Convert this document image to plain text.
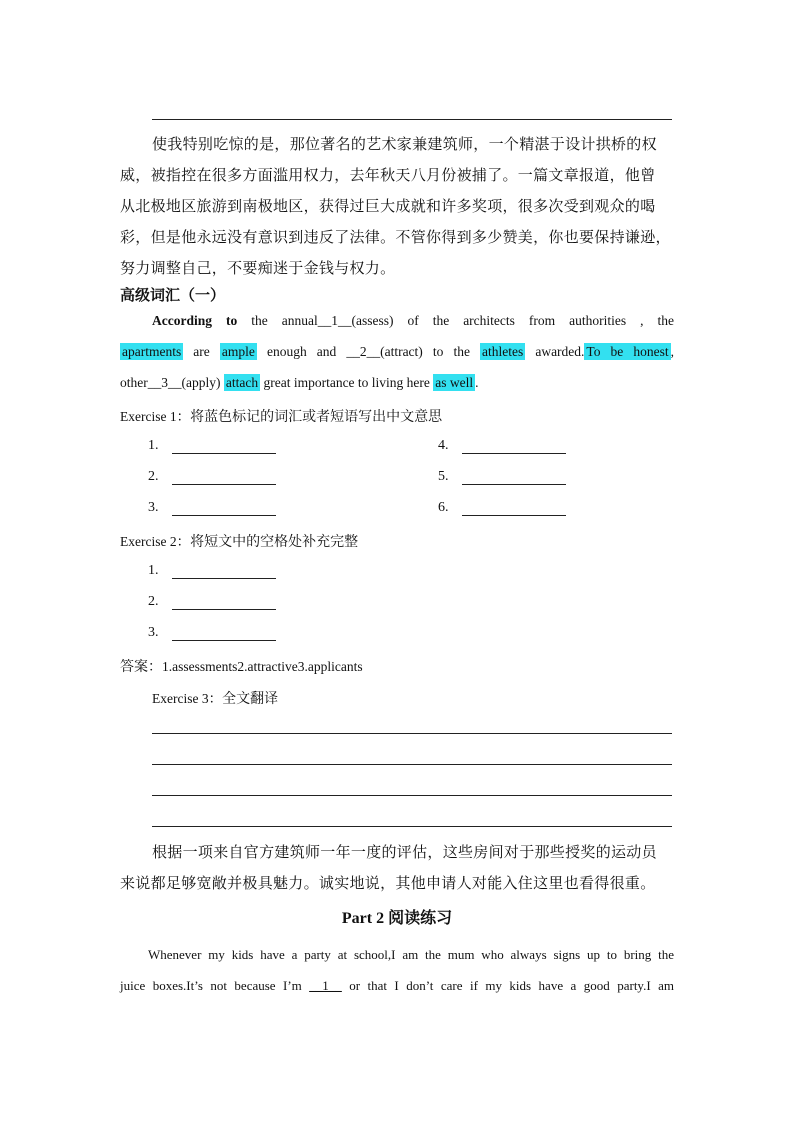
使我特别吃惊的是，那位著名的艺术家兼建筑师，一个精湛于设计拱桥的权
威，被指控在很多方面滥用权力，去年秋天八月份被捕了。一篇文章报道，他曾
从北极地区旅游到南极地区，获得过巨大成就和许多奖项，很多次受到观众的喝
彩，但是他永远没有意识到违反了法律。不管你得到多少赞美，你也要保持谦逊，
努力调整自己，不要痴迷于金钱与权力。
高级词汇（一）
According to the annual__1__(assess) of the architects from authorities , the
apartments are ample enough and __2__(attract) to the athletes awarded. To be honest ,
other__3__(apply) attach great importance to living here as well .
Exercise 1：将蓝色标记的词汇或者短语写出中文意思
1.
2.
3.
4.
5.
6.
Exercise 2：将短文中的空格处补充完整
1.
2.
3.
答案：1.assessments2.attractive3.applicants
Exercise 3：全文翻译
根据一项来自官方建筑师一年一度的评估，这些房间对于那些授奖的运动员
来说都足够宽敞并极具魅力。诚实地说，其他申请人对能入住这里也看得很重。
Part 2 阅读练习
Whenever my kids have a party at school,I am the mum who always signs up to bring the
juice boxes.It’s not because I’m __1__ or that I don’t care if my kids have a good party.I am
